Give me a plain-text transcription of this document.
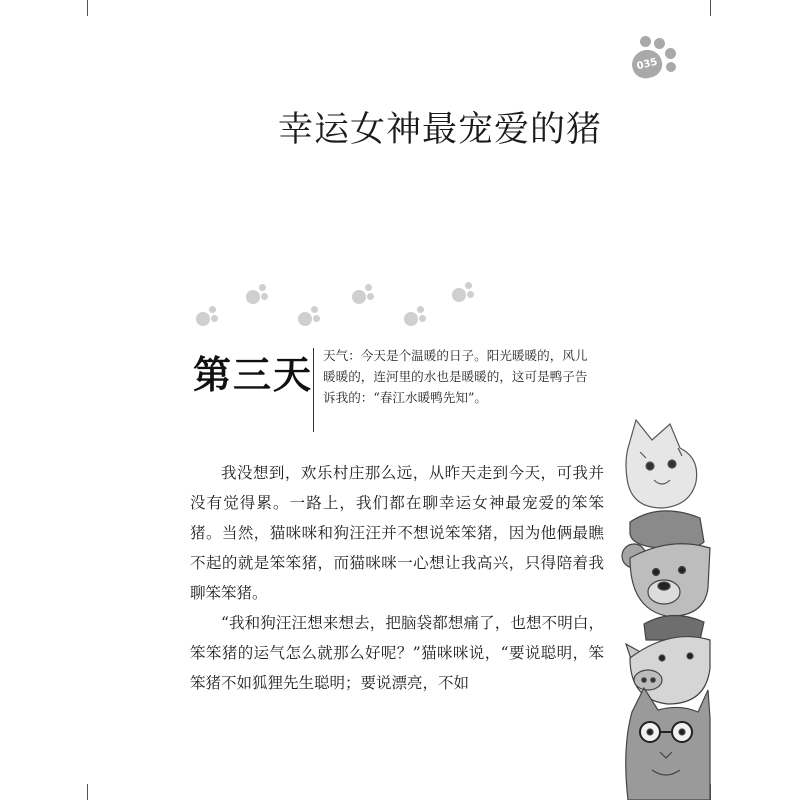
035
幸运女神最宠爱的猪
第三天 天气：今天是个温暖的日子。阳光暖暖的，风儿暖暖的，连河里的水也是暖暖的，这可是鸭子告诉我的：“春江水暖鸭先知”。

我没想到，欢乐村庄那么远，从昨天走到今天，可我并没有觉得累。一路上，我们都在聊幸运女神最宠爱的笨笨猪。当然，猫咪咪和狗汪汪并不想说笨笨猪，因为他俩最瞧不起的就是笨笨猪，而猫咪咪一心想让我高兴，只得陪着我聊笨笨猪。

“我和狗汪汪想来想去，把脑袋都想痛了，也想不明白，笨笨猪的运气怎么就那么好呢？”猫咪咪说，“要说聪明，笨笨猪不如狐狸先生聪明；要说漂亮，不如
